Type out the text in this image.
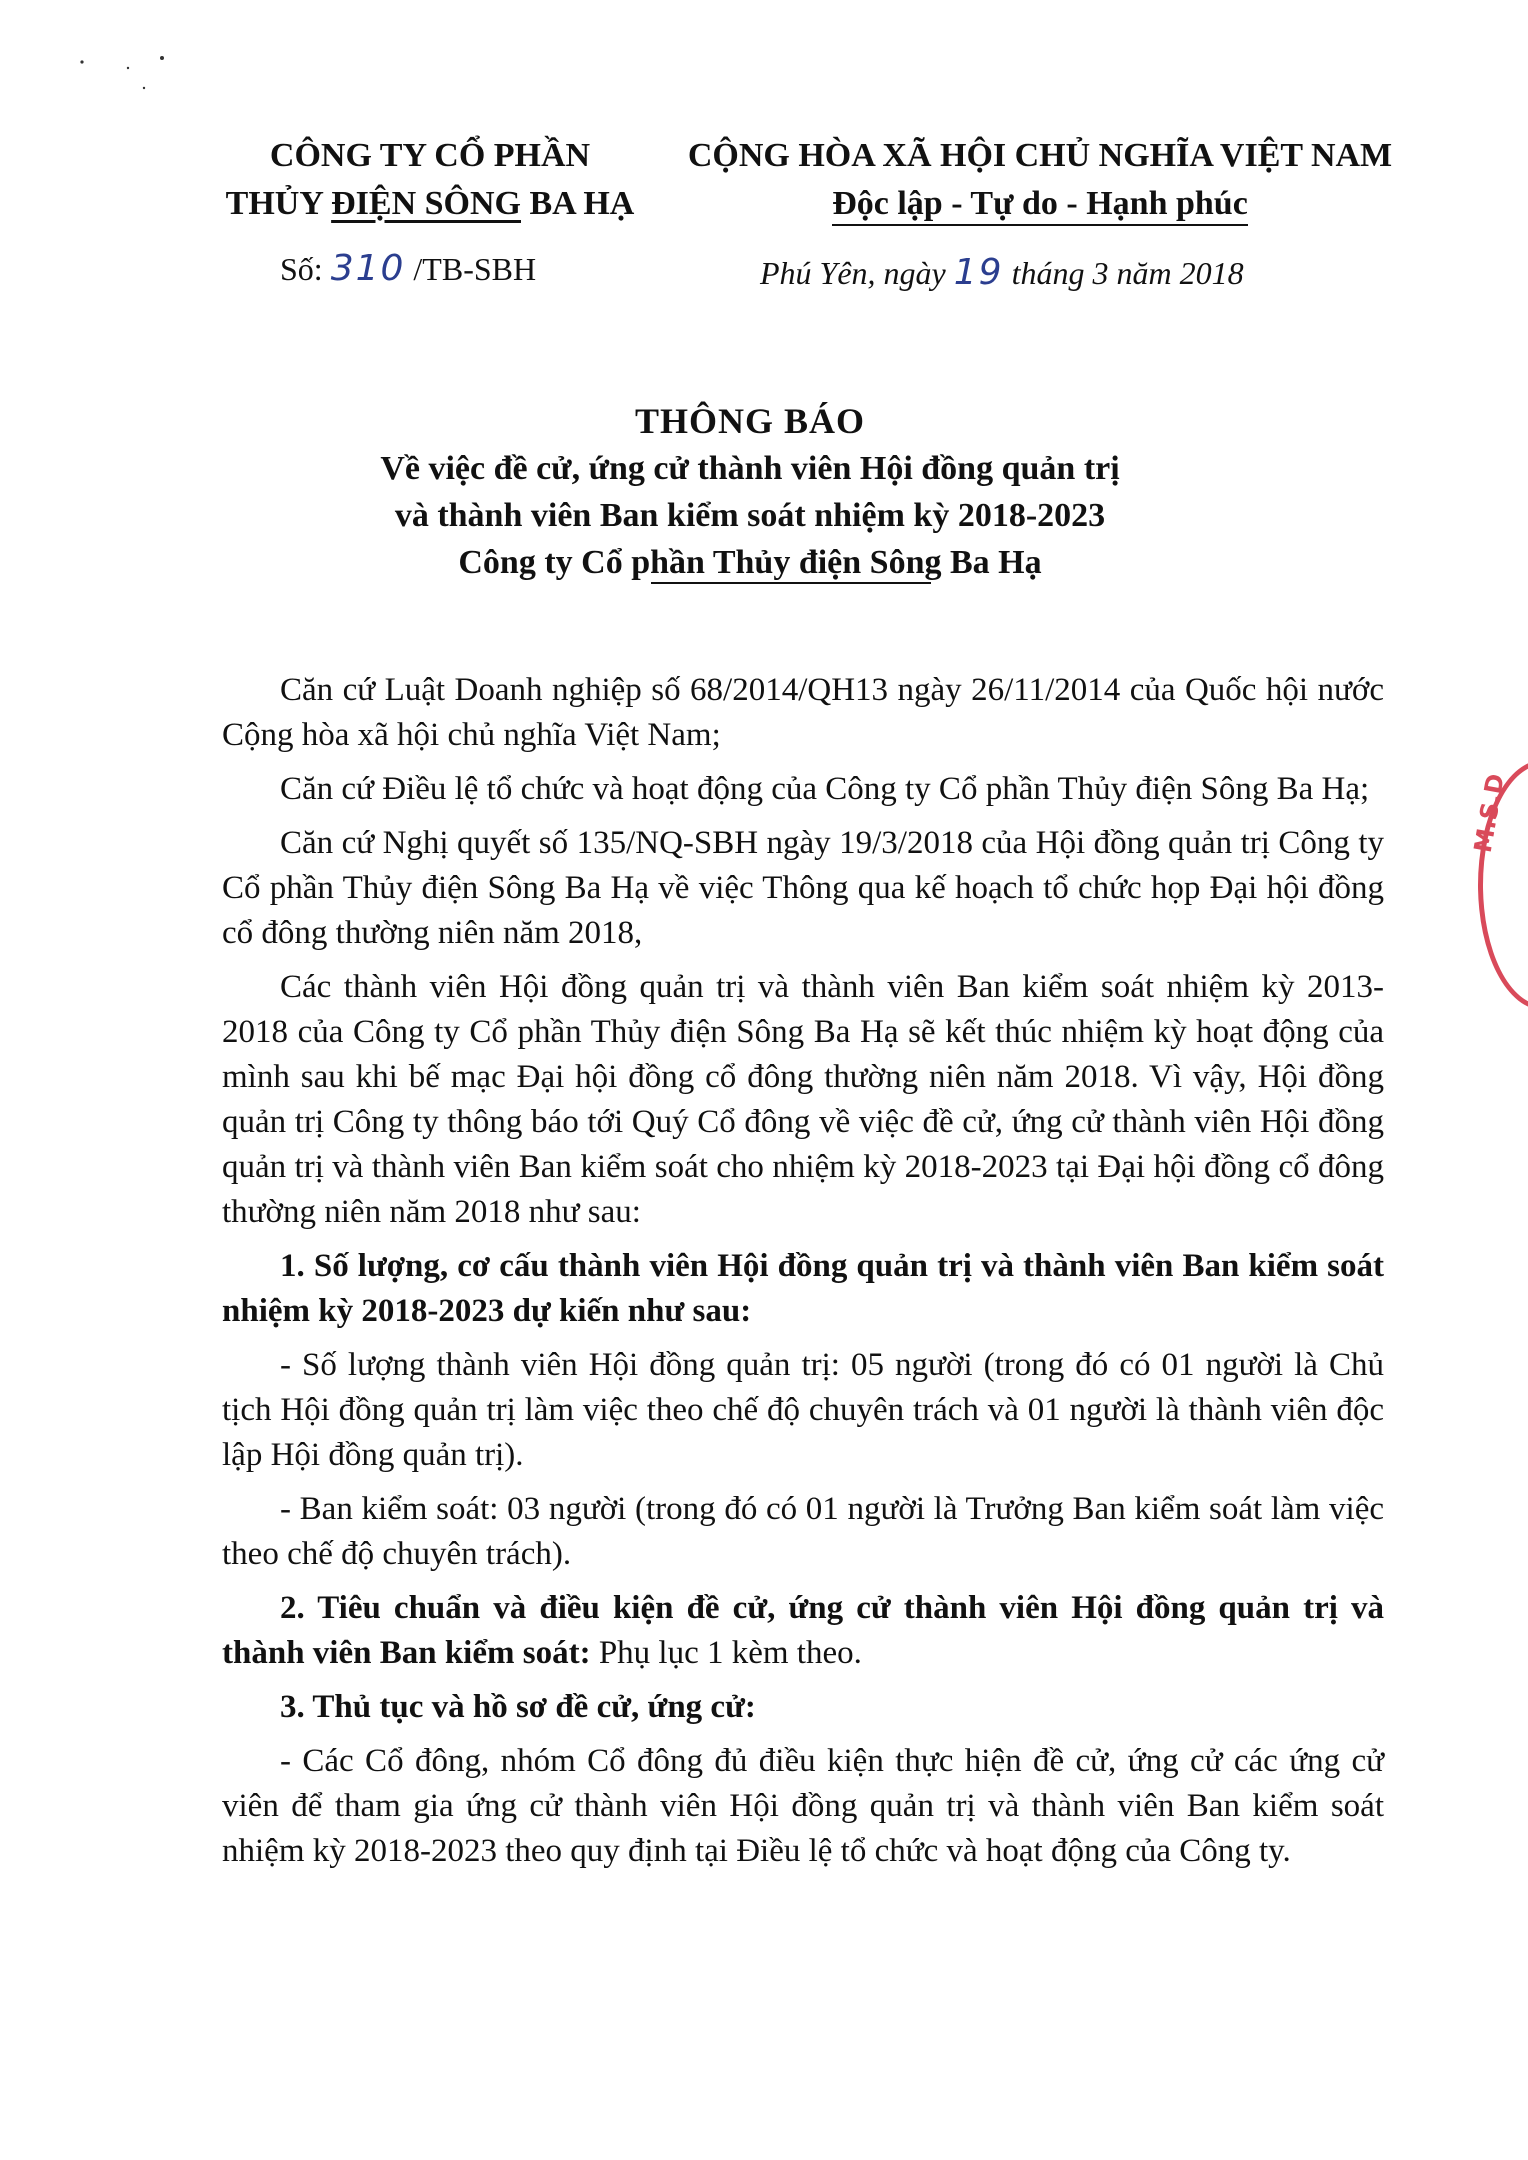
CÔNG TY CỔ PHẦN
THỦY ĐIỆN SÔNG BA HẠ
CỘNG HÒA XÃ HỘI CHỦ NGHĨA VIỆT NAM
Độc lập - Tự do - Hạnh phúc
Số: 310 /TB-SBH	Phú Yên, ngày 19 tháng 3 năm 2018
THÔNG BÁO
Về việc đề cử, ứng cử thành viên Hội đồng quản trị
và thành viên Ban kiểm soát nhiệm kỳ 2018-2023
Công ty Cổ phần Thủy điện Sông Ba Hạ

Căn cứ Luật Doanh nghiệp số 68/2014/QH13 ngày 26/11/2014 của Quốc hội nước Cộng hòa xã hội chủ nghĩa Việt Nam;

Căn cứ Điều lệ tổ chức và hoạt động của Công ty Cổ phần Thủy điện Sông Ba Hạ;

Căn cứ Nghị quyết số 135/NQ-SBH ngày 19/3/2018 của Hội đồng quản trị Công ty Cổ phần Thủy điện Sông Ba Hạ về việc Thông qua kế hoạch tổ chức họp Đại hội đồng cổ đông thường niên năm 2018,

Các thành viên Hội đồng quản trị và thành viên Ban kiểm soát nhiệm kỳ 2013-2018 của Công ty Cổ phần Thủy điện Sông Ba Hạ sẽ kết thúc nhiệm kỳ hoạt động của mình sau khi bế mạc Đại hội đồng cổ đông thường niên năm 2018. Vì vậy, Hội đồng quản trị Công ty thông báo tới Quý Cổ đông về việc đề cử, ứng cử thành viên Hội đồng quản trị và thành viên Ban kiểm soát cho nhiệm kỳ 2018-2023 tại Đại hội đồng cổ đông thường niên năm 2018 như sau:

1. Số lượng, cơ cấu thành viên Hội đồng quản trị và thành viên Ban kiểm soát nhiệm kỳ 2018-2023 dự kiến như sau:

- Số lượng thành viên Hội đồng quản trị: 05 người (trong đó có 01 người là Chủ tịch Hội đồng quản trị làm việc theo chế độ chuyên trách và 01 người là thành viên độc lập Hội đồng quản trị).

- Ban kiểm soát: 03 người (trong đó có 01 người là Trưởng Ban kiểm soát làm việc theo chế độ chuyên trách).

2. Tiêu chuẩn và điều kiện đề cử, ứng cử thành viên Hội đồng quản trị và thành viên Ban kiểm soát: Phụ lục 1 kèm theo.

3. Thủ tục và hồ sơ đề cử, ứng cử:

- Các Cổ đông, nhóm Cổ đông đủ điều kiện thực hiện đề cử, ứng cử các ứng cử viên để tham gia ứng cử thành viên Hội đồng quản trị và thành viên Ban kiểm soát nhiệm kỳ 2018-2023 theo quy định tại Điều lệ tổ chức và hoạt động của Công ty.

M.S.D
